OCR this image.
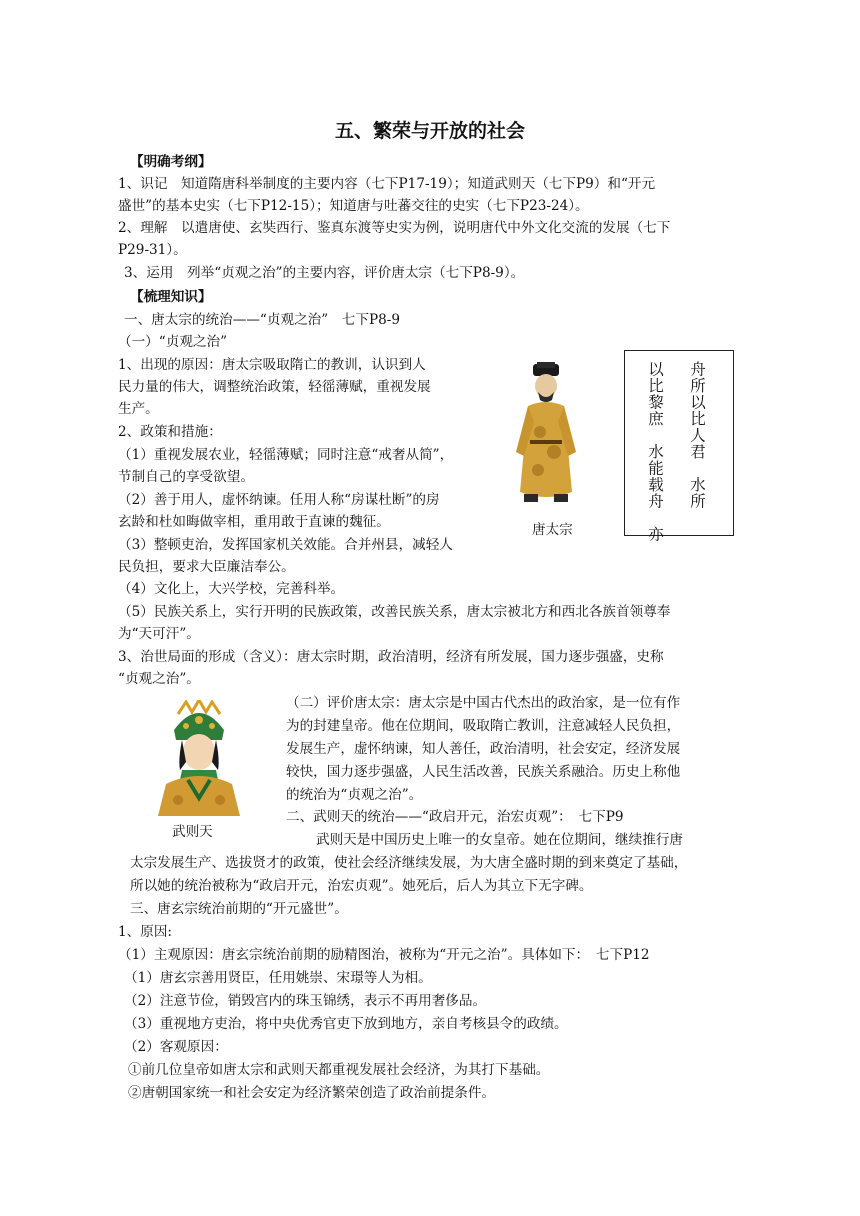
五、繁荣与开放的社会
【明确考纲】
1、识记　知道隋唐科举制度的主要内容（七下P17-19）；知道武则天（七下P9）和“开元
盛世”的基本史实（七下P12-15）；知道唐与吐蕃交往的史实（七下P23-24）。
2、理解　以遣唐使、玄奘西行、鉴真东渡等史实为例，说明唐代中外文化交流的发展（七下
P29-31）。
3、运用　列举“贞观之治”的主要内容，评价唐太宗（七下P8-9）。
【梳理知识】
一、唐太宗的统治——“贞观之治”　七下P8-9
（一）“贞观之治”
1、出现的原因：唐太宗吸取隋亡的教训，认识到人
民力量的伟大，调整统治政策，轻徭薄赋，重视发展
生产。
2、政策和措施：
（1）重视发展农业，轻徭薄赋；同时注意“戒奢从简”，
节制自己的享受欲望。
（2）善于用人，虚怀纳谏。任用人称“房谋杜断”的房
玄龄和杜如晦做宰相，重用敢于直谏的魏征。
（3）整顿吏治，发挥国家机关效能。合并州县，减轻人
民负担，要求大臣廉洁奉公。
（4）文化上，大兴学校，完善科举。
（5）民族关系上，实行开明的民族政策，改善民族关系，唐太宗被北方和西北各族首领尊奉
为“天可汗”。
3、治世局面的形成（含义）：唐太宗时期，政治清明，经济有所发展，国力逐步强盛，史称
“贞观之治”。
（二）评价唐太宗：唐太宗是中国古代杰出的政治家，是一位有作
为的封建皇帝。他在位期间，吸取隋亡教训，注意减轻人民负担，
发展生产，虚怀纳谏，知人善任，政治清明，社会安定，经济发展
较快，国力逐步强盛，人民生活改善，民族关系融洽。历史上称他
的统治为“贞观之治”。
二、武则天的统治——“政启开元，治宏贞观”：　七下P9
武则天是中国历史上唯一的女皇帝。她在位期间，继续推行唐
太宗发展生产、选拔贤才的政策，使社会经济继续发展，为大唐全盛时期的到来奠定了基础，
所以她的统治被称为“政启开元，治宏贞观”。她死后，后人为其立下无字碑。
三、唐玄宗统治前期的“开元盛世”。
1、原因:
（1）主观原因：唐玄宗统治前期的励精图治，被称为“开元之治”。具体如下：　七下P12
（1）唐玄宗善用贤臣，任用姚崇、宋璟等人为相。
（2）注意节俭，销毁宫内的珠玉锦绣，表示不再用奢侈品。
（3）重视地方吏治，将中央优秀官吏下放到地方，亲自考核县令的政绩。
（2）客观原因：
①前几位皇帝如唐太宗和武则天都重视发展社会经济，为其打下基础。
②唐朝国家统一和社会安定为经济繁荣创造了政治前提条件。
唐太宗
舟所以比人君　水所
以比黎庶　水能载舟　亦
武则天
